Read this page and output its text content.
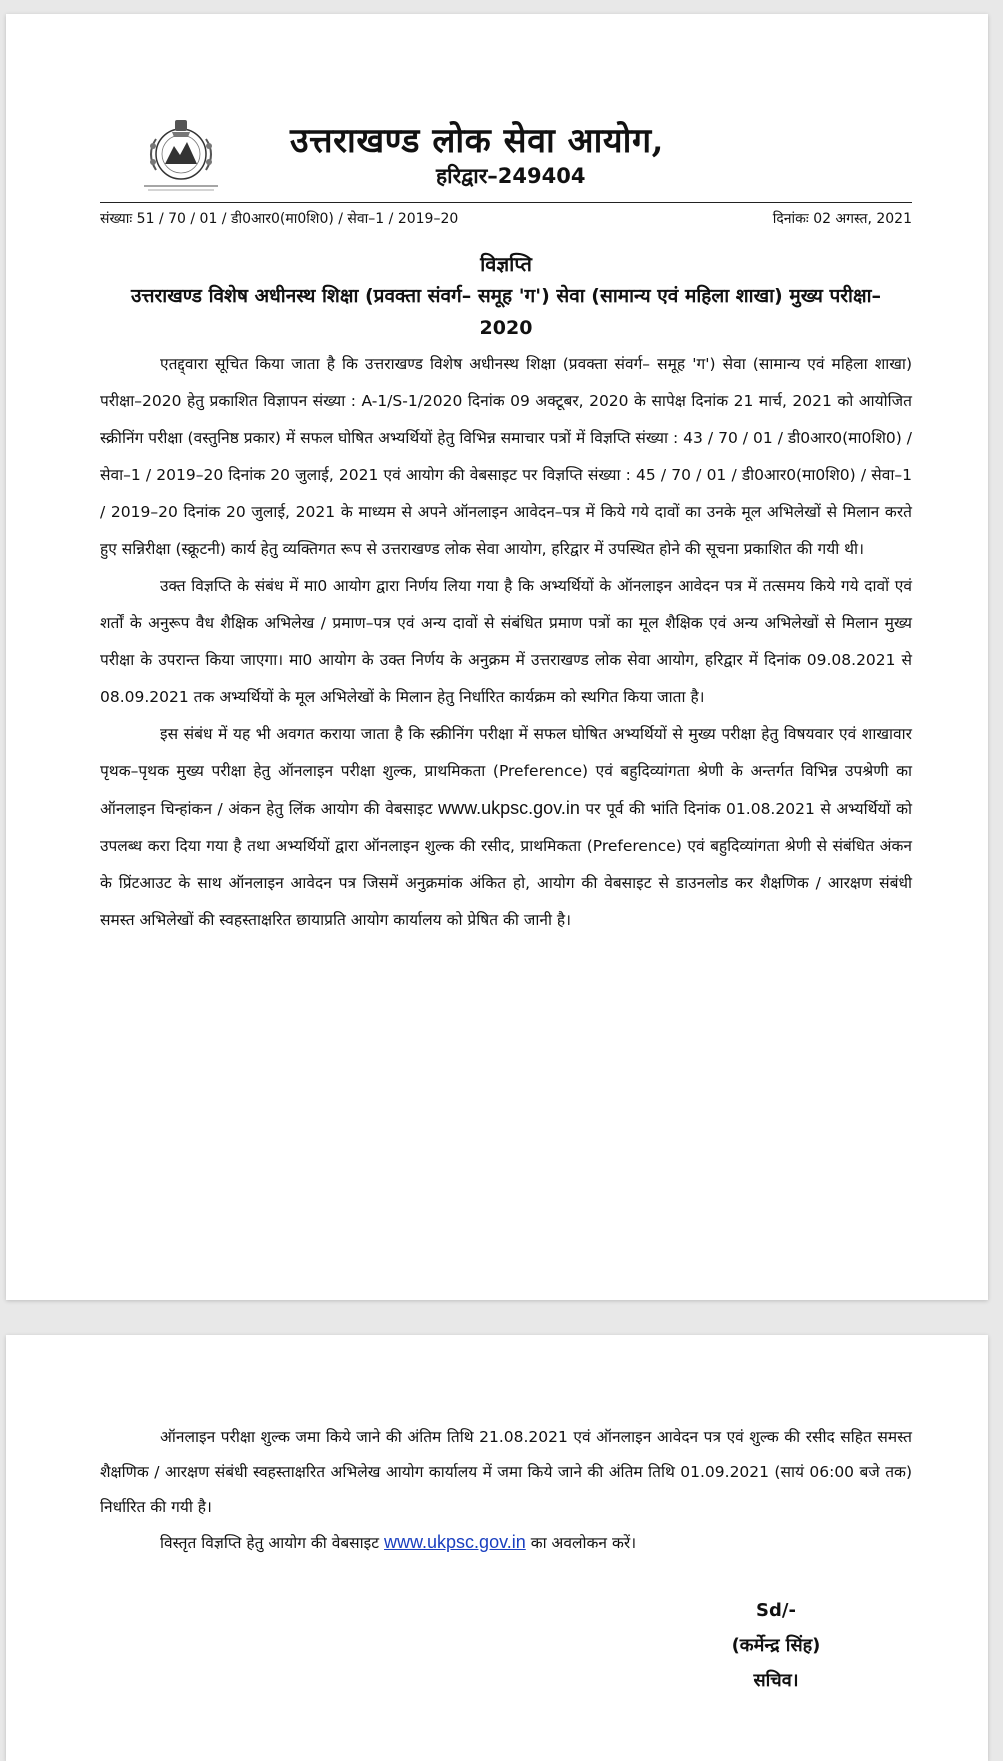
उत्तराखण्ड लोक सेवा आयोग,
हरिद्वार–249404
संख्याः 51 / 70 / 01 / डी0आर0(मा0शि0) / सेवा–1 / 2019–20	दिनांकः 02 अगस्त, 2021
विज्ञप्ति
उत्तराखण्ड विशेष अधीनस्थ शिक्षा (प्रवक्ता संवर्ग– समूह 'ग') सेवा (सामान्य एवं महिला शाखा) मुख्य परीक्षा– 2020

एतद्द्वारा सूचित किया जाता है कि उत्तराखण्ड विशेष अधीनस्थ शिक्षा (प्रवक्ता संवर्ग– समूह 'ग') सेवा (सामान्य एवं महिला शाखा) परीक्षा–2020 हेतु प्रकाशित विज्ञापन संख्या : A-1/S-1/2020 दिनांक 09 अक्टूबर, 2020 के सापेक्ष दिनांक 21 मार्च, 2021 को आयोजित स्क्रीनिंग परीक्षा (वस्तुनिष्ठ प्रकार) में सफल घोषित अभ्यर्थियों हेतु विभिन्न समाचार पत्रों में विज्ञप्ति संख्या : 43 / 70 / 01 / डी0आर0(मा0शि0) / सेवा–1 / 2019–20 दिनांक 20 जुलाई, 2021 एवं आयोग की वेबसाइट पर विज्ञप्ति संख्या : 45 / 70 / 01 / डी0आर0(मा0शि0) / सेवा–1 / 2019–20 दिनांक 20 जुलाई, 2021 के माध्यम से अपने ऑनलाइन आवेदन–पत्र में किये गये दावों का उनके मूल अभिलेखों से मिलान करते हुए सन्निरीक्षा (स्क्रूटनी) कार्य हेतु व्यक्तिगत रूप से उत्तराखण्ड लोक सेवा आयोग, हरिद्वार में उपस्थित होने की सूचना प्रकाशित की गयी थी।

उक्त विज्ञप्ति के संबंध में मा0 आयोग द्वारा निर्णय लिया गया है कि अभ्यर्थियों के ऑनलाइन आवेदन पत्र में तत्समय किये गये दावों एवं शर्तों के अनुरूप वैध शैक्षिक अभिलेख / प्रमाण–पत्र एवं अन्य दावों से संबंधित प्रमाण पत्रों का मूल शैक्षिक एवं अन्य अभिलेखों से मिलान मुख्य परीक्षा के उपरान्त किया जाएगा। मा0 आयोग के उक्त निर्णय के अनुक्रम में उत्तराखण्ड लोक सेवा आयोग, हरिद्वार में दिनांक 09.08.2021 से 08.09.2021 तक अभ्यर्थियों के मूल अभिलेखों के मिलान हेतु निर्धारित कार्यक्रम को स्थगित किया जाता है।

इस संबंध में यह भी अवगत कराया जाता है कि स्क्रीनिंग परीक्षा में सफल घोषित अभ्यर्थियों से मुख्य परीक्षा हेतु विषयवार एवं शाखावार पृथक–पृथक मुख्य परीक्षा हेतु ऑनलाइन परीक्षा शुल्क, प्राथमिकता (Preference) एवं बहुदिव्यांगता श्रेणी के अन्तर्गत विभिन्न उपश्रेणी का ऑनलाइन चिन्हांकन / अंकन हेतु लिंक आयोग की वेबसाइट www.ukpsc.gov.in पर पूर्व की भांति दिनांक 01.08.2021 से अभ्यर्थियों को उपलब्ध करा दिया गया है तथा अभ्यर्थियों द्वारा ऑनलाइन शुल्क की रसीद, प्राथमिकता (Preference) एवं बहुदिव्यांगता श्रेणी से संबंधित अंकन के प्रिंटआउट के साथ ऑनलाइन आवेदन पत्र जिसमें अनुक्रमांक अंकित हो, आयोग की वेबसाइट से डाउनलोड कर शैक्षणिक / आरक्षण संबंधी समस्त अभिलेखों की स्वहस्ताक्षरित छायाप्रति आयोग कार्यालय को प्रेषित की जानी है।

ऑनलाइन परीक्षा शुल्क जमा किये जाने की अंतिम तिथि 21.08.2021 एवं ऑनलाइन आवेदन पत्र एवं शुल्क की रसीद सहित समस्त शैक्षणिक / आरक्षण संबंधी स्वहस्ताक्षरित अभिलेख आयोग कार्यालय में जमा किये जाने की अंतिम तिथि 01.09.2021 (सायं 06:00 बजे तक) निर्धारित की गयी है।

विस्तृत विज्ञप्ति हेतु आयोग की वेबसाइट www.ukpsc.gov.in का अवलोकन करें।

Sd/-
(कर्मेन्द्र सिंह)
सचिव।
